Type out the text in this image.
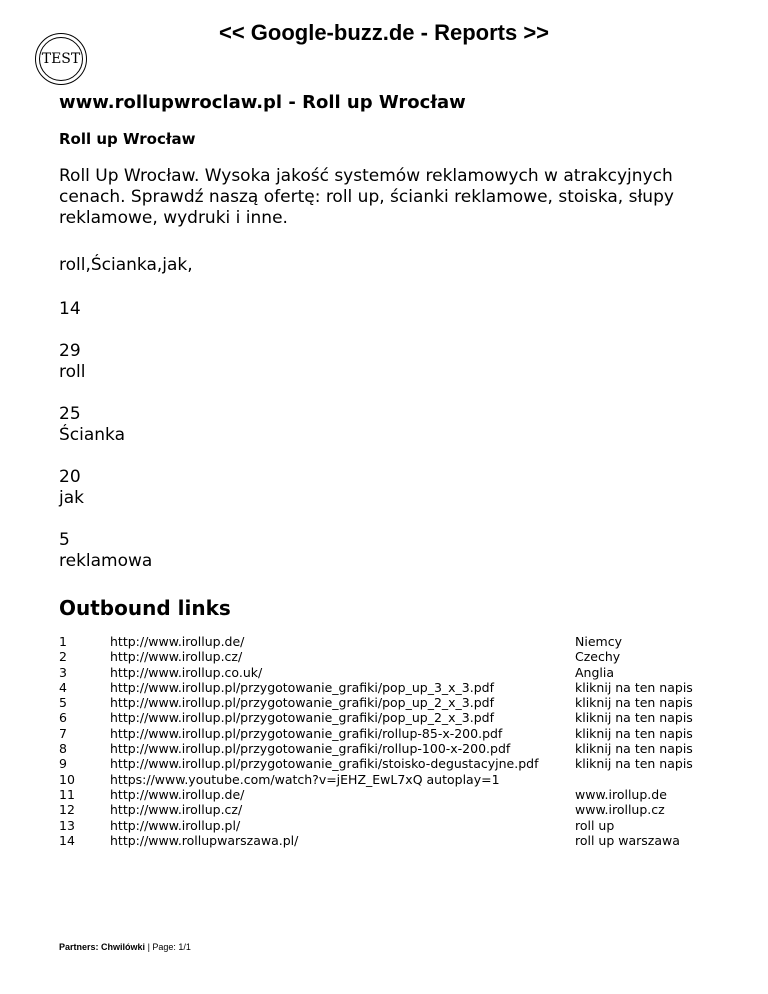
<< Google-buzz.de - Reports >>
TEST
www.rollupwroclaw.pl - Roll up Wrocław
Roll up Wrocław

Roll Up Wrocław. Wysoka jakość systemów reklamowych w atrakcyjnych cenach. Sprawdź naszą ofertę: roll up, ścianki reklamowe, stoiska, słupy reklamowe, wydruki i inne.

roll,Ścianka,jak,
14
29
roll
25
Ścianka
20
jak
5
reklamowa
Outbound links
1	http://www.irollup.de/	Niemcy
2	http://www.irollup.cz/	Czechy
3	http://www.irollup.co.uk/	Anglia
4	http://www.irollup.pl/przygotowanie_grafiki/pop_up_3_x_3.pdf	kliknij na ten napis
5	http://www.irollup.pl/przygotowanie_grafiki/pop_up_2_x_3.pdf	kliknij na ten napis
6	http://www.irollup.pl/przygotowanie_grafiki/pop_up_2_x_3.pdf	kliknij na ten napis
7	http://www.irollup.pl/przygotowanie_grafiki/rollup-85-x-200.pdf	kliknij na ten napis
8	http://www.irollup.pl/przygotowanie_grafiki/rollup-100-x-200.pdf	kliknij na ten napis
9	http://www.irollup.pl/przygotowanie_grafiki/stoisko-degustacyjne.pdf	kliknij na ten napis
10	https://www.youtube.com/watch?v=jEHZ_EwL7xQ autoplay=1	
11	http://www.irollup.de/	www.irollup.de
12	http://www.irollup.cz/	www.irollup.cz
13	http://www.irollup.pl/	roll up
14	http://www.rollupwarszawa.pl/	roll up warszawa
Partners: Chwilówki | Page: 1/1
